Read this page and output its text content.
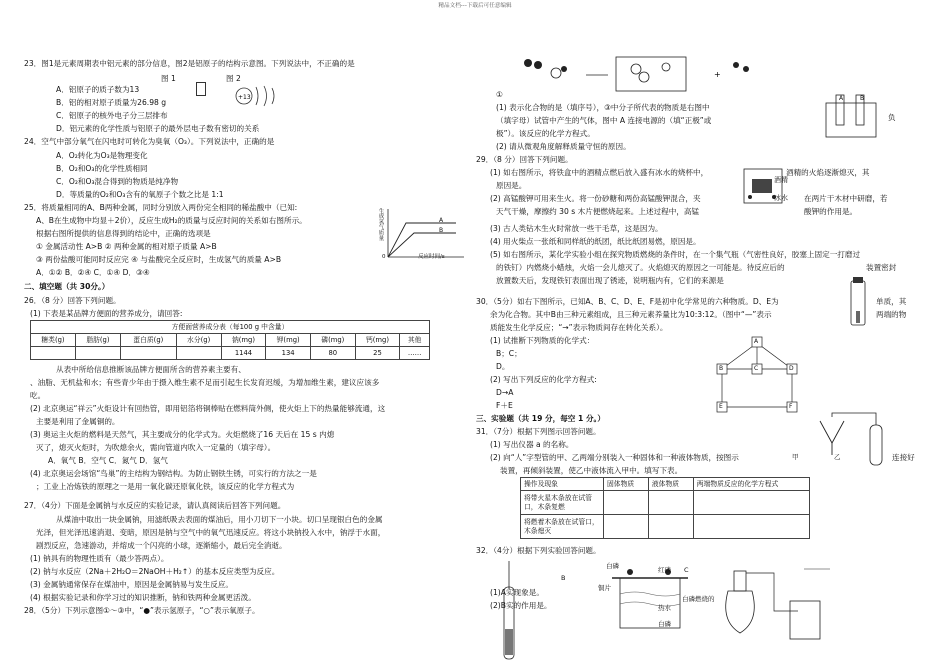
精品文档---下载后可任意编辑
23．图1是元素周期表中铝元素的部分信息，图2是铝原子的结构示意图。下列说法中，不正确的是
图 1	图 2
+13
A．铝原子的质子数为13
B．铝的相对原子质量为26.98 g
C．铝原子的核外电子分三层排布
D．铝元素的化学性质与铝原子的最外层电子数有密切的关系
24．空气中部分氧气在闪电时可转化为臭氧（O₃）。下列说法中，正确的是
A．O₂转化为O₃是物理变化
B．O₂和O₃的化学性质相同
C．O₂和O₃混合得到的物质是纯净物
D．等质量的O₂和O₃含有的氧原子个数之比是 1:1
25．将质量相同的A、B两种金属，同时分别放入两份完全相同的稀盐酸中（已知:
A、B在生成物中均显＋2价），反应生成H₂的质量与反应时间的关系如右图所示。
根据右图所提供的信息得到的结论中，正确的选项是
① 金属活动性 A>B ② 两种金属的相对原子质量 A>B
③ 两份盐酸可能同时反应完 ④ 与盐酸完全反应时，生成氢气的质量 A>B
A．①② B．②④ C．①④ D．③④
生成氢气质量	A
B
0	反应时间/s
二、填空题（共 30分。）
26．（8 分）回答下列问题。
(1) 下表是某品牌方便面的营养成分，请回答:
方便面营养成分表（每100 g 中含量）								
糖类(g)	脂肪(g)	蛋白质(g)	水分(g)	钠(mg)	钾(mg)	磷(mg)	钙(mg)	其他
				1144	134	80	25	……
从表中所给信息推断该品牌方便面所含的营养素主要有、
、油脂、无机盐和水；有些青少年由于摄入维生素不足而引起生长发育迟缓，为增加维生素，建议应该多
吃。
(2) 北京奥运“祥云”火炬设计有回热管，即用铝箔将铜棒贴在燃料筒外侧，使火炬上下的热量能够流通，这
主要是利用了金属铜的。
(3) 奥运主火炬的燃料是天然气，其主要成分的化学式为。火炬燃烧了16 天后在 15 s 内熄
灭了，熄灭火炬时，为吹熄余火，需向管道内吹入一定量的（填字母）。
A．氧气 B．空气 C．氮气 D．氢气
(4) 北京奥运会场馆“鸟巢”的主结构为钢结构。为防止钢铁生锈，可实行的方法之一是
；工业上冶炼铁的原理之一是用一氧化碳还原氧化铁，该反应的化学方程式为
27．（4分）下面是金属钠与水反应的实验记录，请认真阅读后回答下列问题。
从煤油中取出一块金属钠，用滤纸吸去表面的煤油后，用小刀切下一小块。切口呈现银白色的金属
光泽，但光泽迅速消退、变暗，原因是钠与空气中的氧气迅速反应。将这小块钠投入水中，钠浮于水面，
剧烈反应，急速游动，并熔成一个闪亮的小球，逐渐缩小，最后完全消逝。
(1) 钠具有的物理性质有（最少答两点）。
(2) 钠与水反应（2Na＋2H₂O＝2NaOH＋H₂↑）的基本反应类型为反应。
(3) 金属钠通常保存在煤油中，原因是金属钠易与发生反应。
(4) 根据实验记录和你学习过的知识推断，钠和铁两种金属更活泼。
28．（5分）下列示意图①～③中，“●”表示氢原子，“○”表示氧原子。
+
①
(1) 表示化合物的是（填序号），③中分子所代表的物质是右图中
负
（填字母）试管中产生的气体，图中 A 连接电源的（填“正极”或
极”）。该反应的化学方程式。
(2) 请从微观角度解释质量守恒的原因。
A	B
29．（8 分）回答下列问题。
(1) 如右图所示，将铁盒中的酒精点燃后放入盛有冰水的烧杯中，	酒精的火焰逐渐熄灭，其
原因是。
酒精
冰水
(2) 高锰酸钾可用来生火。将一份砂糖和两份高锰酸钾混合，夹	在两片干木材中研磨，若
天气干燥，摩擦约 30 s 木片便燃烧起来。上述过程中，高锰	酸钾的作用是。
(3) 古人类钻木生火时常放一些干毛草，这是因为。
(4) 用火柴点一张纸和同样纸的纸团，纸比纸团易燃，原因是。
(5) 如右图所示，某化学实验小组在探究物质燃烧的条件时，在一个集气瓶（气密性良好，胶塞上固定一打磨过
的铁钉）内燃烧小蜡烛，火焰一会儿熄灭了。火焰熄灭的原因之一可能是。待反应后的	装置密封
放置数天后，发现铁钉表面出现了锈迹，说明瓶内有，它们的来源是
30．（5分）如右下图所示，已知A、B、C、D、E、F是初中化学常见的六种物质。D、E为	单质，其
余为化合物。其中B由三种元素组成，且三种元素养量比为10:3:12。（图中“—”表示	两端的物
质能发生化学反应；“→”表示物质间存在转化关系）。
(1) 试推断下列物质的化学式：
B；C；
D。
(2) 写出下列反应的化学方程式:
D→A
F＋E
A
B	C	D
E	F
三、实验题（共 19 分，每空 1 分。）
31．（7分）根据下列图示回答问题。
(1) 写出仪器 a 的名称。
(2) 向“人”字型管的甲、乙两端分别装入一种固体和一种液体物质，按图示	连接好
装置，再倾斜装置，使乙中液体流入甲中。填写下表。
甲	乙
操作及现象	固体物质	液体物质	两端物质反应的化学方程式
将带火星木条放在试管口，木条复燃			
将燃着木条放在试管口，木条熄灭			
32．（4分）根据下列实验回答问题。
B
(1)A实现象是。
(2)B实的作用是。
白磷	红磷 C
铜片
热水
白磷
白磷燃烧的
